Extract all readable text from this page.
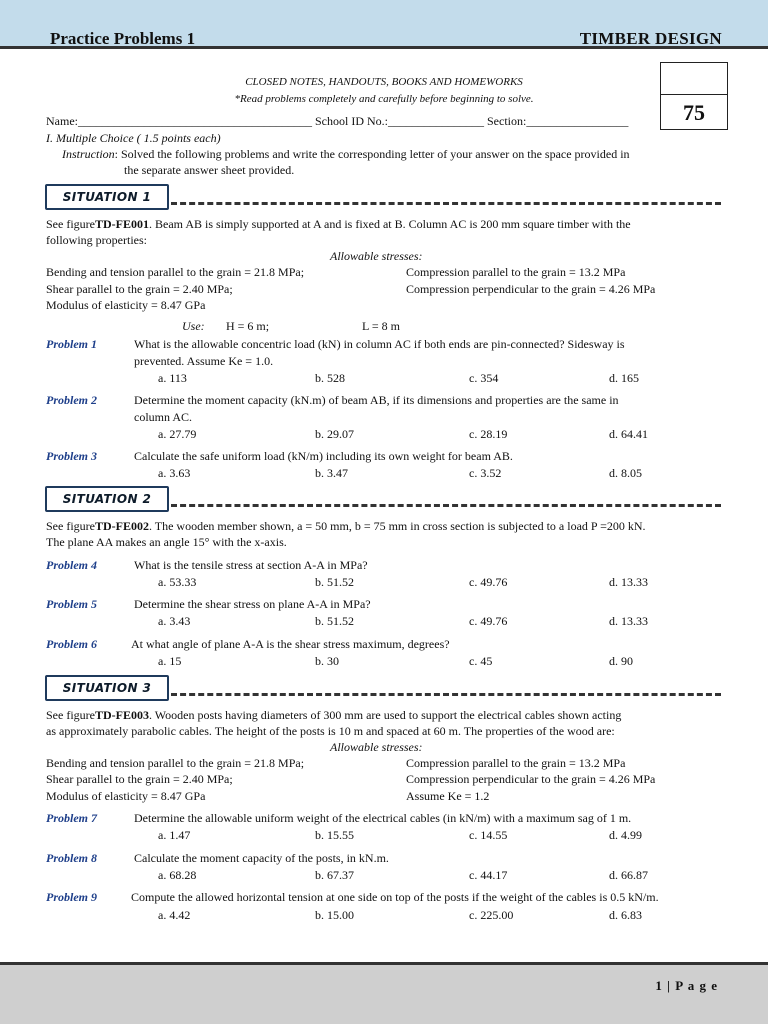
Practice Problems 1	TIMBER DESIGN
CLOSED NOTES, HANDOUTS, BOOKS AND HOMEWORKS
*Read problems completely and carefully before beginning to solve.
75
Name:_______________________________________ School ID No.:________________ Section:_________________
I. Multiple Choice ( 1.5 points each)
Instruction: Solved the following problems and write the corresponding letter of your answer on the space provided in
the separate answer sheet provided.
SITUATION 1
See figureTD-FE001. Beam AB is simply supported at A and is fixed at B. Column AC is 200 mm square timber with the
following properties:
Allowable stresses:
Bending and tension parallel to the grain = 21.8 MPa;	Compression parallel to the grain = 13.2 MPa
Shear parallel to the grain = 2.40 MPa;	Compression perpendicular to the grain = 4.26 MPa
Modulus of elasticity = 8.47 GPa
Use: H = 6 m;	L = 8 m
Problem 1	What is the allowable concentric load (kN) in column AC if both ends are pin-connected? Sidesway is
prevented. Assume Ke = 1.0.
a. 113	b. 528	c. 354	d. 165
Problem 2	Determine the moment capacity (kN.m) of beam AB, if its dimensions and properties are the same in
column AC.
a. 27.79	b. 29.07	c. 28.19	d. 64.41
Problem 3	Calculate the safe uniform load (kN/m) including its own weight for beam AB.
a. 3.63	b. 3.47	c. 3.52	d. 8.05
SITUATION 2
See figureTD-FE002. The wooden member shown, a = 50 mm, b = 75 mm in cross section is subjected to a load P =200 kN.
The plane AA makes an angle 15° with the x-axis.
Problem 4	What is the tensile stress at section A-A in MPa?
a. 53.33	b. 51.52	c. 49.76	d. 13.33
Problem 5	Determine the shear stress on plane A-A in MPa?
a. 3.43	b. 51.52	c. 49.76	d. 13.33
Problem 6	At what angle of plane A-A is the shear stress maximum, degrees?
a. 15	b. 30	c. 45	d. 90
SITUATION 3
See figureTD-FE003. Wooden posts having diameters of 300 mm are used to support the electrical cables shown acting
as approximately parabolic cables. The height of the posts is 10 m and spaced at 60 m. The properties of the wood are:
Allowable stresses:
Bending and tension parallel to the grain = 21.8 MPa;	Compression parallel to the grain = 13.2 MPa
Shear parallel to the grain = 2.40 MPa;	Compression perpendicular to the grain = 4.26 MPa
Modulus of elasticity = 8.47 GPa	Assume Ke = 1.2
Problem 7	Determine the allowable uniform weight of the electrical cables (in kN/m) with a maximum sag of 1 m.
a. 1.47	b. 15.55	c. 14.55	d. 4.99
Problem 8	Calculate the moment capacity of the posts, in kN.m.
a. 68.28	b. 67.37	c. 44.17	d. 66.87
Problem 9	Compute the allowed horizontal tension at one side on top of the posts if the weight of the cables is 0.5 kN/m.
a. 4.42	b. 15.00	c. 225.00	d. 6.83
1 | P a g e
